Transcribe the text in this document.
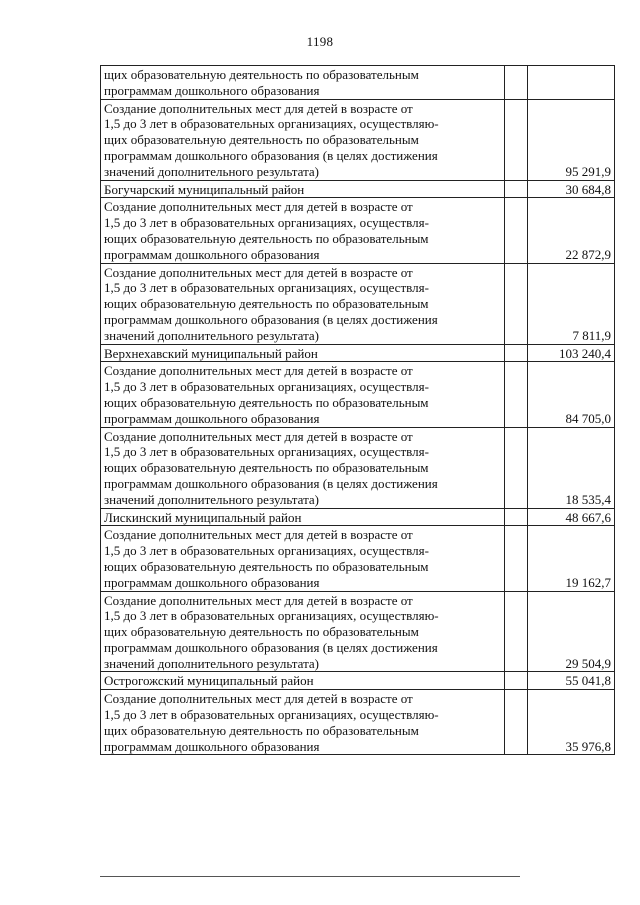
1198
щих образовательную деятельность по образовательным
программам дошкольного образования		

Создание дополнительных мест для детей в возрасте от
1,5 до 3 лет в образовательных организациях, осуществляю-
щих образовательную деятельность по образовательным
программам дошкольного образования (в целях достижения
значений дополнительного результата)		95 291,9

Богучарский муниципальный район		30 684,8

Создание дополнительных мест для детей в возрасте от
1,5 до 3 лет в образовательных организациях, осуществля-
ющих образовательную деятельность по образовательным
программам дошкольного образования		22 872,9

Создание дополнительных мест для детей в возрасте от
1,5 до 3 лет в образовательных организациях, осуществля-
ющих образовательную деятельность по образовательным
программам дошкольного образования (в целях достижения
значений дополнительного результата)		7 811,9

Верхнехавский муниципальный район		103 240,4

Создание дополнительных мест для детей в возрасте от
1,5 до 3 лет в образовательных организациях, осуществля-
ющих образовательную деятельность по образовательным
программам дошкольного образования		84 705,0

Создание дополнительных мест для детей в возрасте от
1,5 до 3 лет в образовательных организациях, осуществля-
ющих образовательную деятельность по образовательным
программам дошкольного образования (в целях достижения
значений дополнительного результата)		18 535,4

Лискинский муниципальный район		48 667,6

Создание дополнительных мест для детей в возрасте от
1,5 до 3 лет в образовательных организациях, осуществля-
ющих образовательную деятельность по образовательным
программам дошкольного образования		19 162,7

Создание дополнительных мест для детей в возрасте от
1,5 до 3 лет в образовательных организациях, осуществляю-
щих образовательную деятельность по образовательным
программам дошкольного образования (в целях достижения
значений дополнительного результата)		29 504,9

Острогожский муниципальный район		55 041,8

Создание дополнительных мест для детей в возрасте от
1,5 до 3 лет в образовательных организациях, осуществляю-
щих образовательную деятельность по образовательным
программам дошкольного образования		35 976,8
